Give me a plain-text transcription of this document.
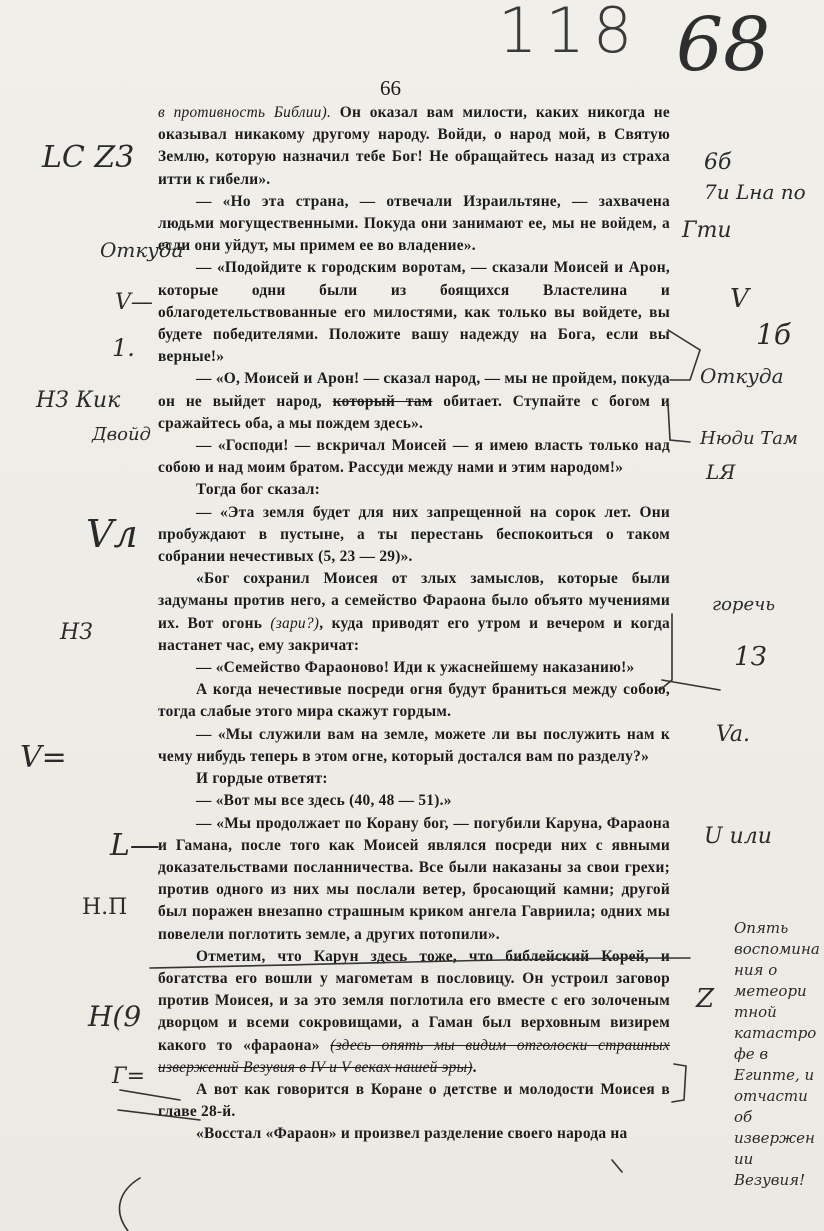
118 68
66

в противность Библии). Он оказал вам милости, каких никогда не оказывал никакому другому народу. Войди, о народ мой, в Святую Землю, которую назначил тебе Бог! Не обращайтесь назад из страха итти к гибели».

— «Но эта страна, — отвечали Израильтяне, — захвачена людьми могущественными. Покуда они занимают ее, мы не войдем, а если они уйдут, мы примем ее во владение».

— «Подойдите к городским воротам, — сказали Моисей и Арон, которые одни были из боящихся Властелина и облагодетельствованные его милостями, как только вы войдете, вы будете победителями. Положите вашу надежду на Бога, если вы верные!»

— «О, Моисей и Арон! — сказал народ, — мы не пройдем, покуда он не выйдет народ, который там обитает. Ступайте с богом и сражайтесь оба, а мы пождем здесь».

— «Господи! — вскричал Моисей — я имею власть только над собою и над моим братом. Рассуди между нами и этим народом!»

Тогда бог сказал:

— «Эта земля будет для них запрещенной на сорок лет. Они пробуждают в пустыне, а ты перестань беспокоиться о таком собрании нечестивых (5, 23 — 29)».

«Бог сохранил Моисея от злых замыслов, которые были задуманы против него, а семейство Фараона было объято мучениями их. Вот огонь (зари?), куда приводят его утром и вечером и когда настанет час, ему закричат:

— «Семейство Фараоново! Иди к ужаснейшему наказанию!»

А когда нечестивые посреди огня будут браниться между собою, тогда слабые этого мира скажут гордым.

— «Мы служили вам на земле, можете ли вы послужить нам к чему нибудь теперь в этом огне, который достался вам по разделу?»

И гордые ответят:

— «Вот мы все здесь (40, 48 — 51).»

— «Мы продолжает по Корану бог, — погубили Каруна, Фараона и Гамана, после того как Моисей являлся посреди них с явными доказательствами посланничества. Все были наказаны за свои грехи; против одного из них мы послали ветер, бросающий камни; другой был поражен внезапно страшным криком ангела Гавриила; одних мы повелели поглотить земле, а других потопили».

Отметим, что Карун здесь тоже, что библейский Корей, и богатства его вошли у магометам в пословицу. Он устроил заговор против Моисея, и за это земля поглотила его вместе с его золоченым дворцом и всеми сокровищами, а Гаман был верховным визирем какого то «фараона» (здесь опять мы видим отголоски страшных извержений Везувия в IV и V веках нашей эры).

А вот как говорится в Коране о детстве и молодости Моисея в главе 28-й.

«Восстал «Фараон» и произвел разделение своего народа на

LC Z3
Откуда
V—
1.
НЗ Кик
Двойд
Vл
НЗ
V=
L—
Н.П
Н(9
Г=
6б
7и Lна по
Гти
V
1б
Откуда
Нюди Там
LЯ
горечь
1З
Va.
U или
Z
Опять воспоминания о метеоритной катастрофе в Египте, и отчасти об извержении Везувия!
